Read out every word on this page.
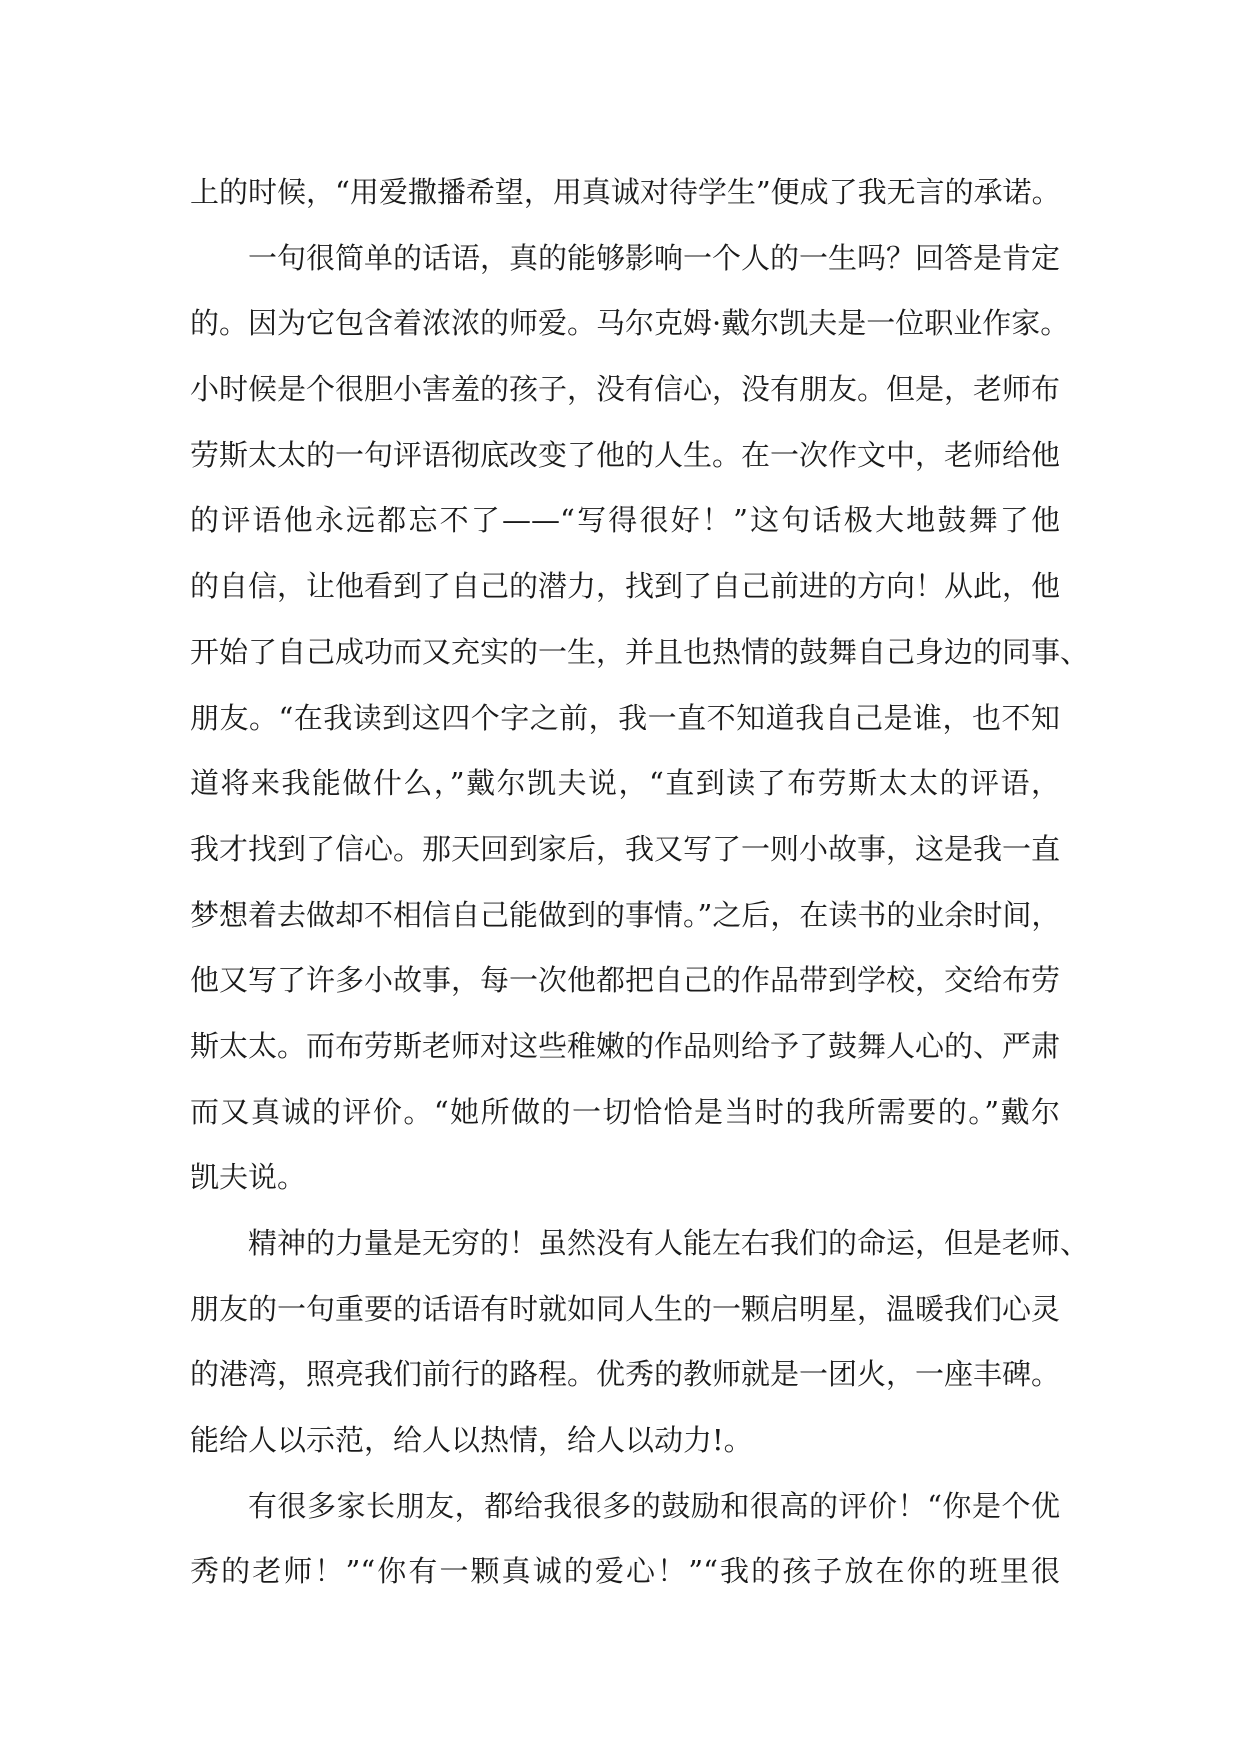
上的时候，“用爱撒播希望，用真诚对待学生”便成了我无言的承诺。
一句很简单的话语，真的能够影响一个人的一生吗？回答是肯定
的。因为它包含着浓浓的师爱。马尔克姆·戴尔凯夫是一位职业作家。
小时候是个很胆小害羞的孩子，没有信心，没有朋友。但是，老师布
劳斯太太的一句评语彻底改变了他的人生。在一次作文中，老师给他
的评语他永远都忘不了——“写得很好！”这句话极大地鼓舞了他
的自信，让他看到了自己的潜力，找到了自己前进的方向！从此，他
开始了自己成功而又充实的一生，并且也热情的鼓舞自己身边的同事、
朋友。“在我读到这四个字之前，我一直不知道我自己是谁，也不知
道将来我能做什么，”戴尔凯夫说，“直到读了布劳斯太太的评语，
我才找到了信心。那天回到家后，我又写了一则小故事，这是我一直
梦想着去做却不相信自己能做到的事情。”之后，在读书的业余时间，
他又写了许多小故事，每一次他都把自己的作品带到学校，交给布劳
斯太太。而布劳斯老师对这些稚嫩的作品则给予了鼓舞人心的、严肃
而又真诚的评价。“她所做的一切恰恰是当时的我所需要的。”戴尔
凯夫说。
精神的力量是无穷的！虽然没有人能左右我们的命运，但是老师、
朋友的一句重要的话语有时就如同人生的一颗启明星，温暖我们心灵
的港湾，照亮我们前行的路程。优秀的教师就是一团火，一座丰碑。
能给人以示范，给人以热情，给人以动力!。
有很多家长朋友，都给我很多的鼓励和很高的评价！“你是个优
秀的老师！”“你有一颗真诚的爱心！”“我的孩子放在你的班里很
